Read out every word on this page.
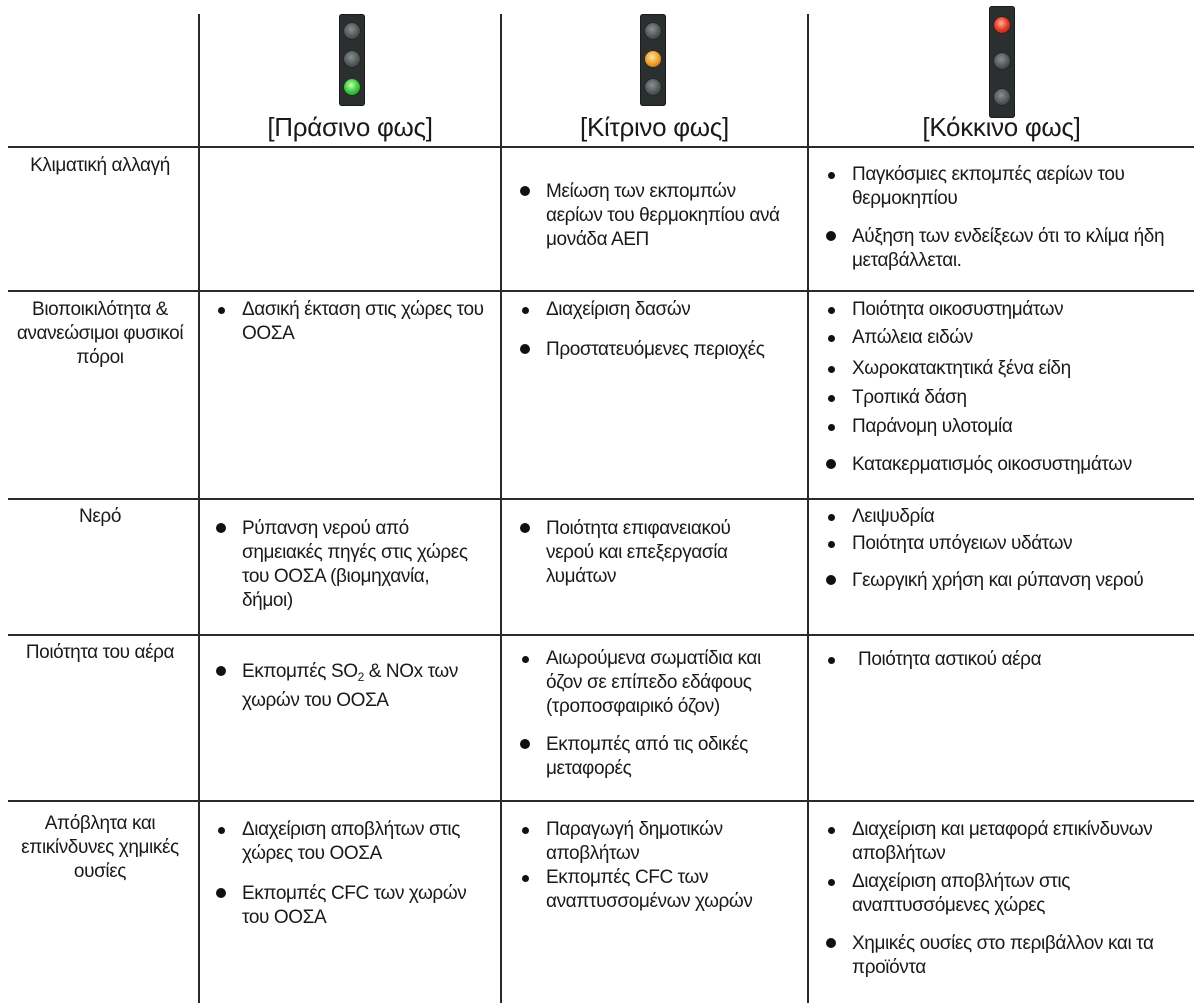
[Πράσινο φως]	[Κίτρινο φως]	[Κόκκινο φως]
Κλιματική αλλαγή
Μείωση των εκπομπών αερίων του θερμοκηπίου ανά μονάδα ΑΕΠ
Παγκόσμιες εκπομπές αερίων του θερμοκηπίου
Αύξηση των ενδείξεων ότι το κλίμα ήδη μεταβάλλεται.
Βιοποικιλότητα & ανανεώσιμοι φυσικοί πόροι
Δασική έκταση στις χώρες του ΟΟΣΑ
Διαχείριση δασών
Προστατευόμενες περιοχές
Ποιότητα οικοσυστημάτων
Απώλεια ειδών
Χωροκατακτητικά ξένα είδη
Τροπικά δάση
Παράνομη υλοτομία
Κατακερματισμός οικοσυστημάτων
Νερό
Ρύπανση νερού από σημειακές πηγές στις χώρες του ΟΟΣΑ (βιομηχανία, δήμοι)
Ποιότητα επιφανειακού νερού και επεξεργασία λυμάτων
Λειψυδρία
Ποιότητα υπόγειων υδάτων
Γεωργική χρήση και ρύπανση νερού
Ποιότητα του αέρα
Εκπομπές $SO_2$ & NOx των χωρών του ΟΟΣΑ
Αιωρούμενα σωματίδια και όζον σε επίπεδο εδάφους (τροποσφαιρικό όζον)
Εκπομπές από τις οδικές μεταφορές
Ποιότητα αστικού αέρα
Απόβλητα και επικίνδυνες χημικές ουσίες
Διαχείριση αποβλήτων στις χώρες του ΟΟΣΑ
Εκπομπές CFC των χωρών του ΟΟΣΑ
Παραγωγή δημοτικών αποβλήτων
Εκπομπές CFC των αναπτυσσομένων χωρών
Διαχείριση και μεταφορά επικίνδυνων αποβλήτων
Διαχείριση αποβλήτων στις αναπτυσσόμενες χώρες
Χημικές ουσίες στο περιβάλλον και τα προϊόντα
